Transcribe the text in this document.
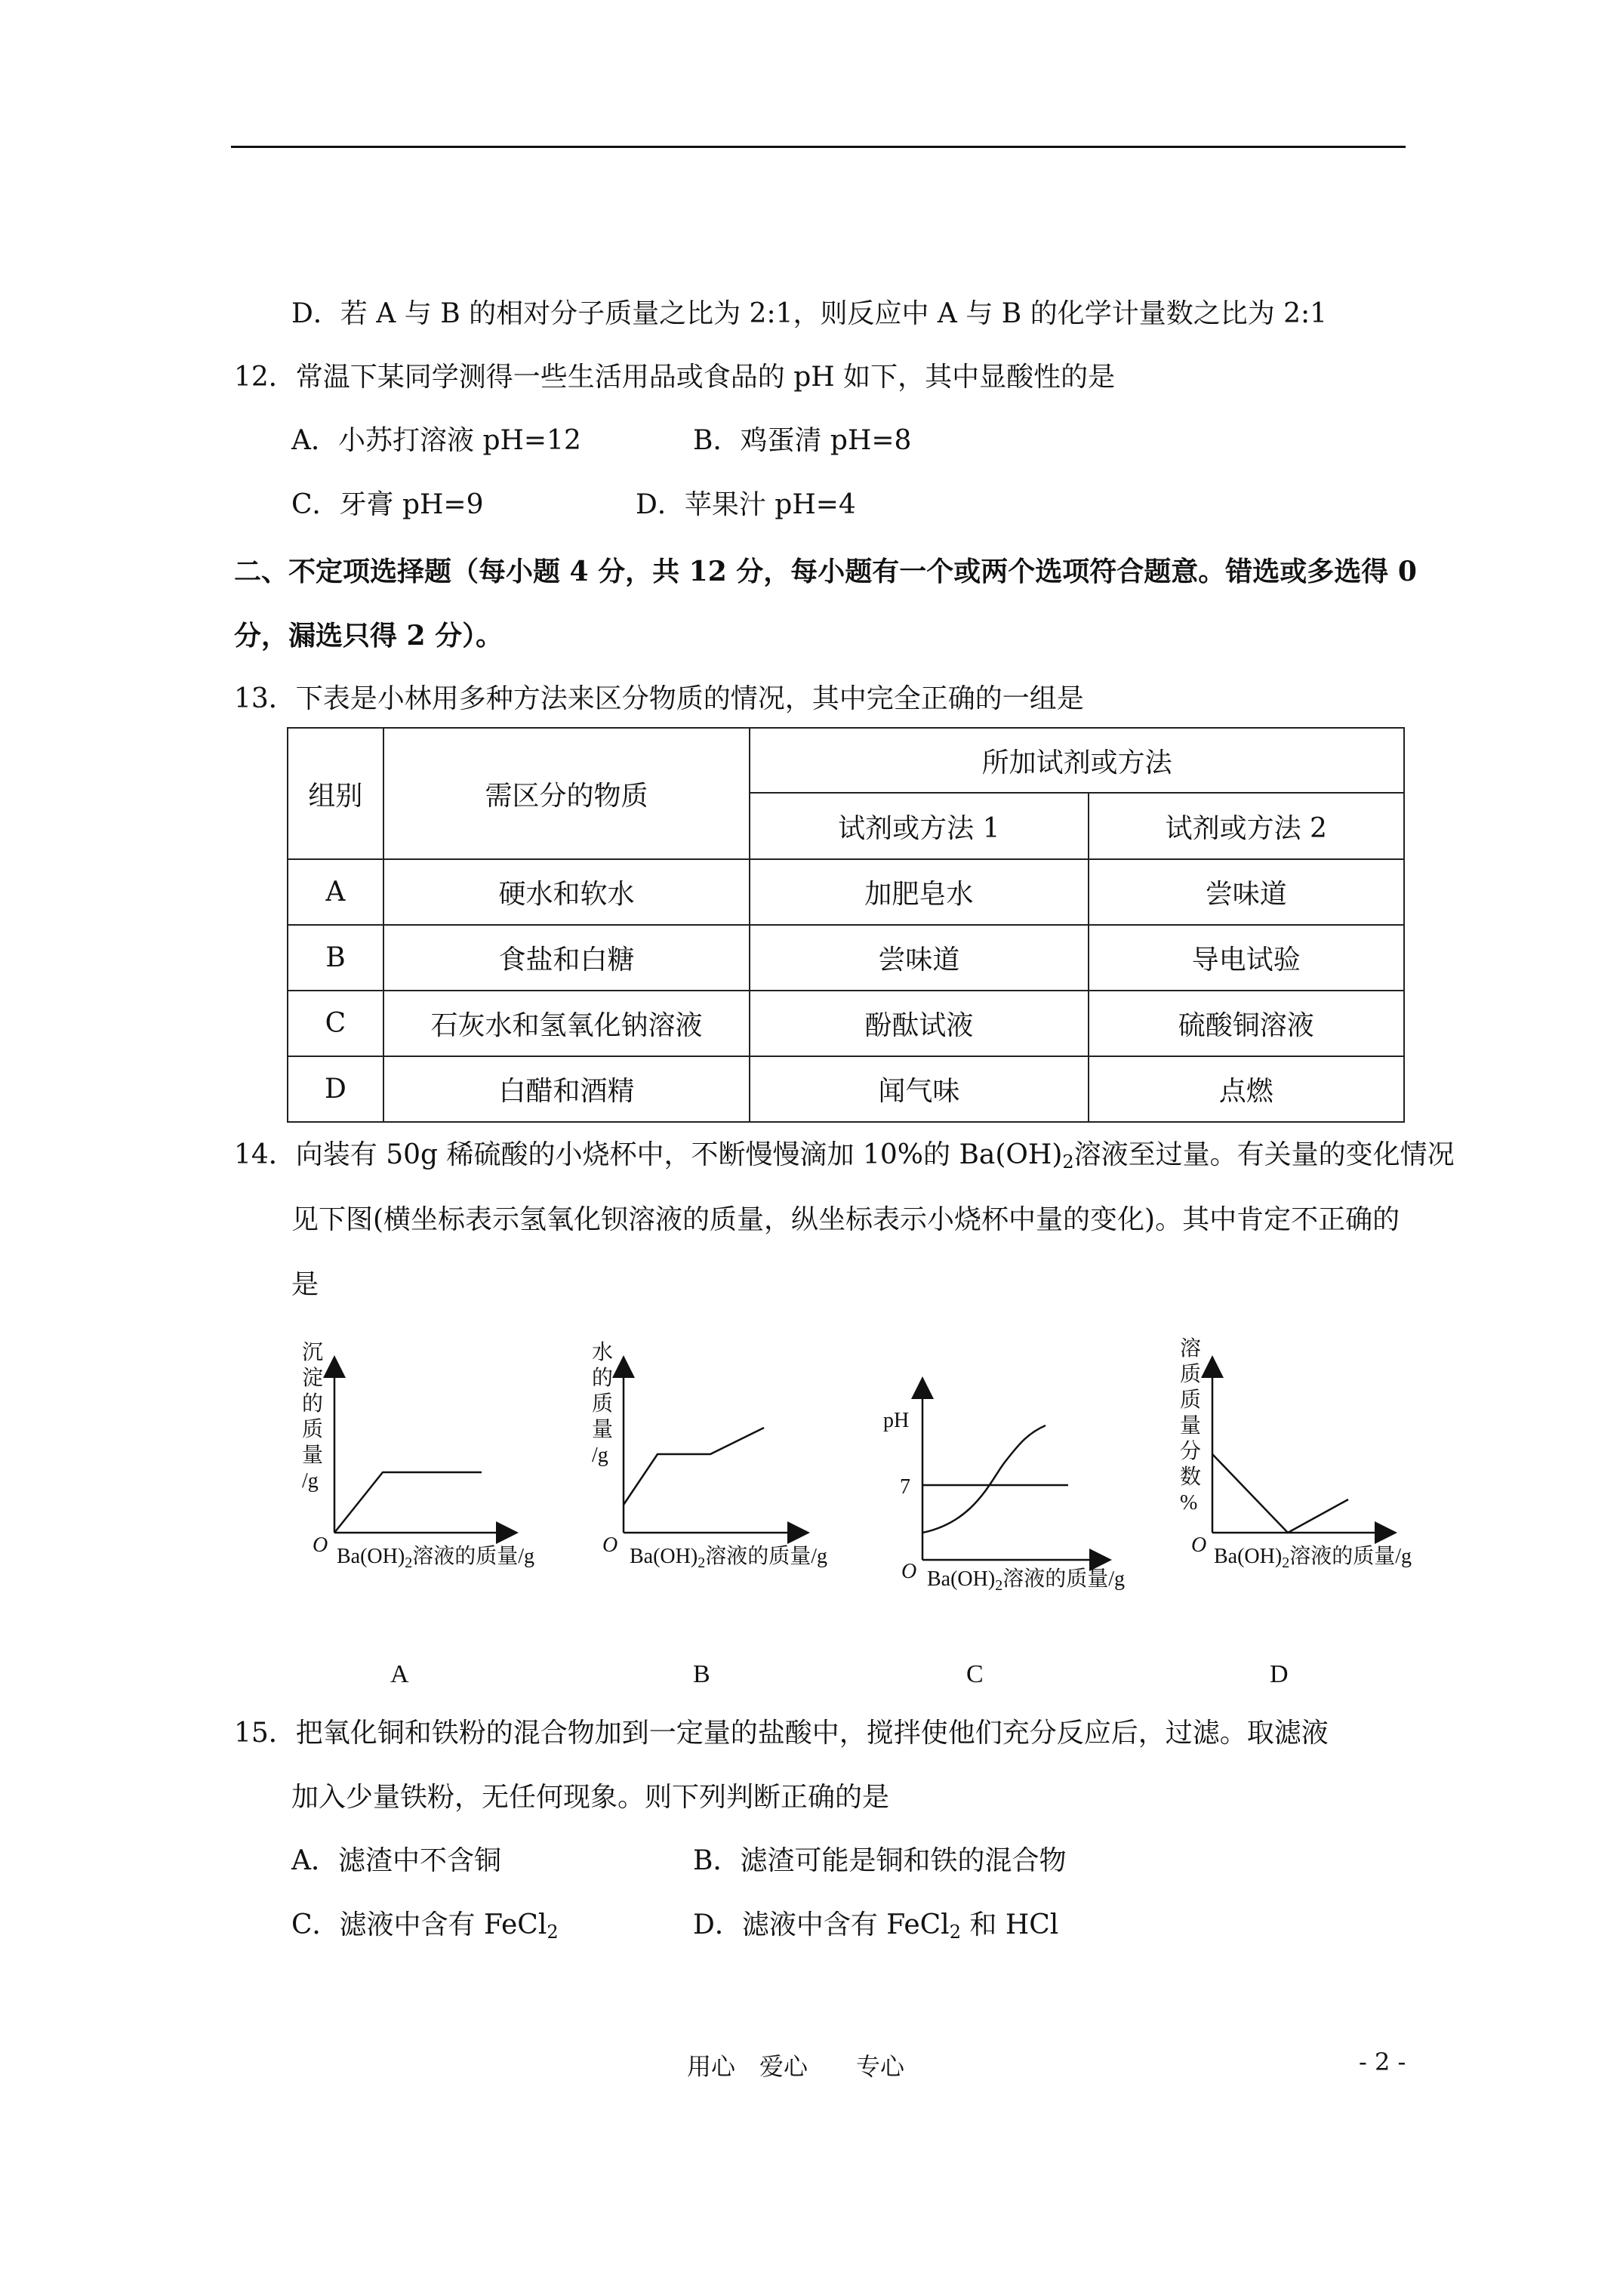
D．若 A 与 B 的相对分子质量之比为 2:1，则反应中 A 与 B 的化学计量数之比为 2:1
12．常温下某同学测得一些生活用品或食品的 pH 如下，其中显酸性的是
A．小苏打溶液 pH=12	B．鸡蛋清 pH=8
C．牙膏 pH=9	D．苹果汁 pH=4
二、不定项选择题（每小题 4 分，共 12 分，每小题有一个或两个选项符合题意。错选或多选得 0
分，漏选只得 2 分）。
13．下表是小林用多种方法来区分物质的情况，其中完全正确的一组是
组别	需区分的物质	所加试剂或方法	
		试剂或方法 1	试剂或方法 2
A	硬水和软水	加肥皂水	尝味道
B	食盐和白糖	尝味道	导电试验
C	石灰水和氢氧化钠溶液	酚酞试液	硫酸铜溶液
D	白醋和酒精	闻气味	点燃
14．向装有 50g 稀硫酸的小烧杯中，不断慢慢滴加 10%的 $Ba(OH)_2$溶液至过量。有关量的变化情况
见下图(横坐标表示氢氧化钡溶液的质量，纵坐标表示小烧杯中量的变化)。其中肯定不正确的
是
沉淀的质量/g
O $Ba(OH)_2$溶液的质量/g
A
水的质量/g
O $Ba(OH)_2$溶液的质量/g
B
pH
7
O $Ba(OH)_2$溶液的质量/g
C
溶质质量分数%
O $Ba(OH)_2$溶液的质量/g
D
15．把氧化铜和铁粉的混合物加到一定量的盐酸中，搅拌使他们充分反应后，过滤。取滤液
加入少量铁粉，无任何现象。则下列判断正确的是
A．滤渣中不含铜	B．滤渣可能是铜和铁的混合物
C．滤液中含有 FeCl$_2$	D．滤液中含有 FeCl$_2$ 和 HCl
用心　爱心　　专心	- 2 -
